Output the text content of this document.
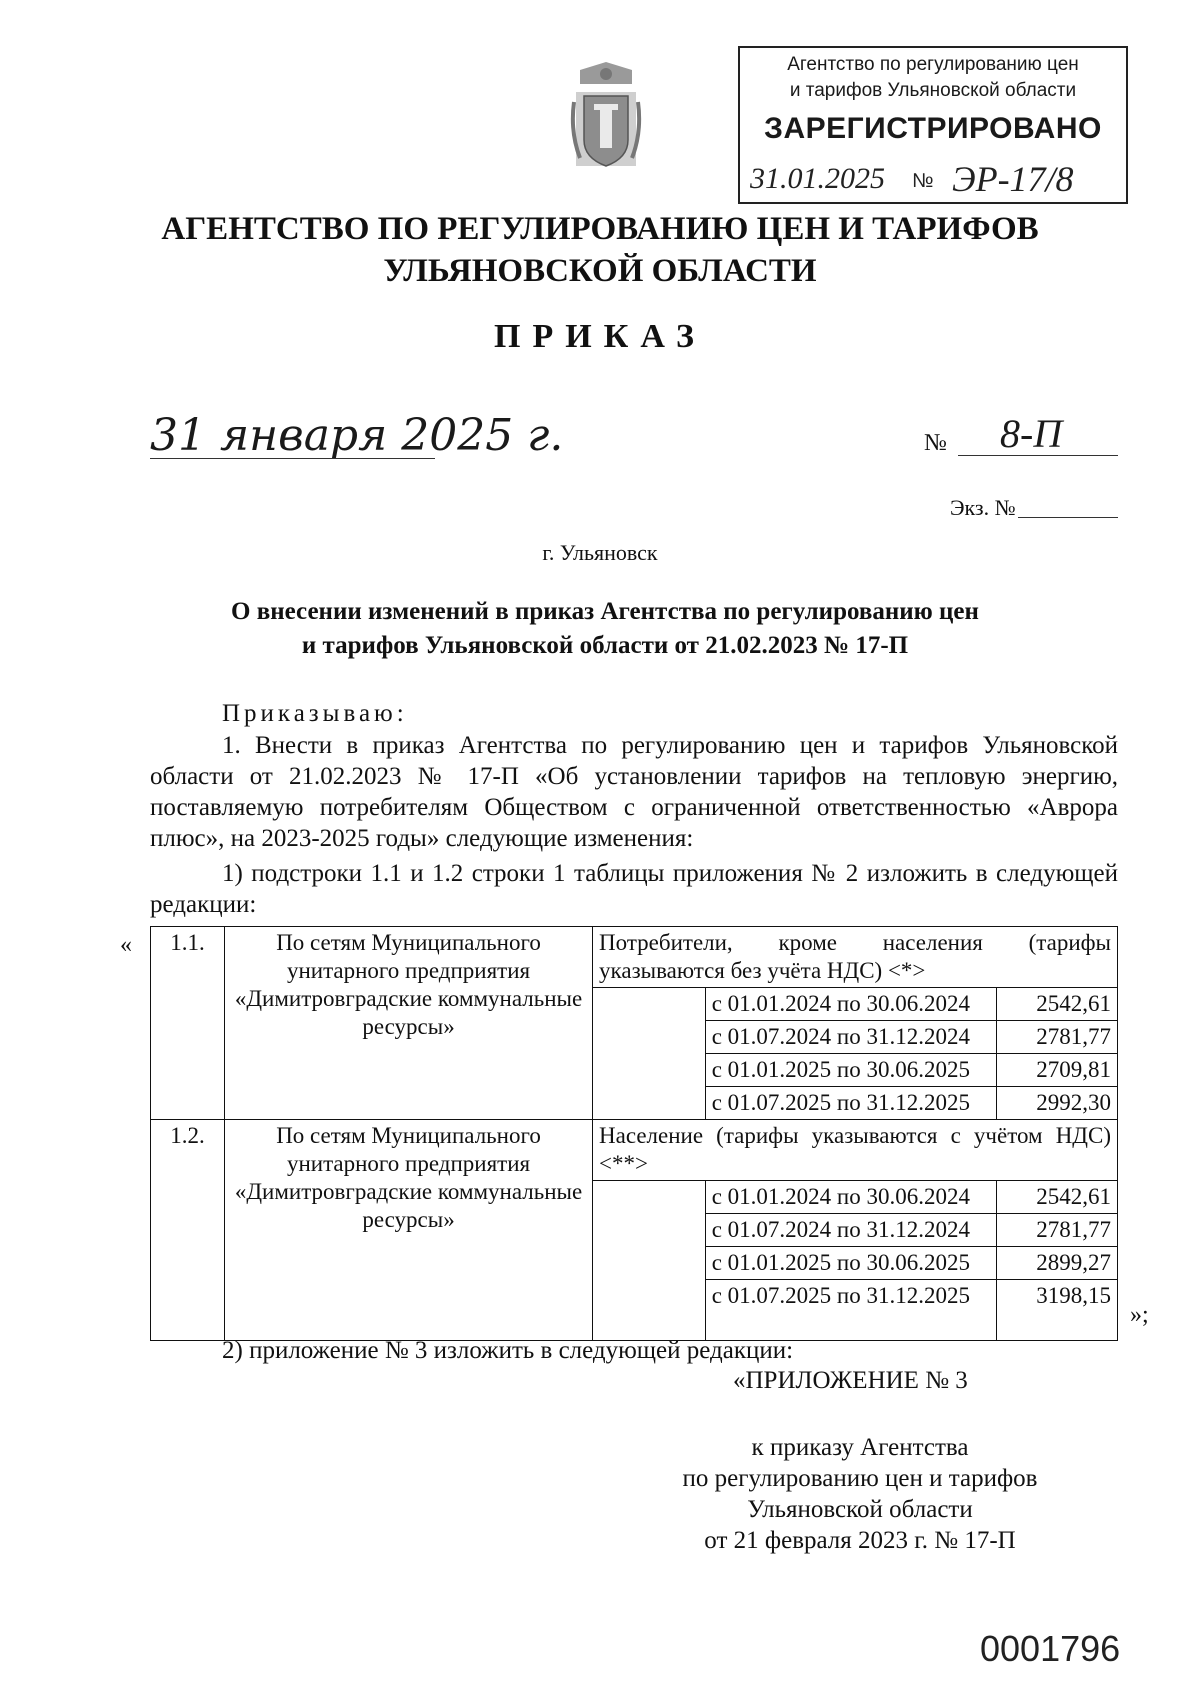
Агентство по регулированию цен
и тарифов Ульяновской области
ЗАРЕГИСТРИРОВАНО
31.01.2025 № ЭР-17/8
АГЕНТСТВО ПО РЕГУЛИРОВАНИЮ ЦЕН И ТАРИФОВ
УЛЬЯНОВСКОЙ ОБЛАСТИ
ПРИКАЗ
31 января 2025 г.	№ 8-П
Экз. №
г. Ульяновск
О внесении изменений в приказ Агентства по регулированию цен
и тарифов Ульяновской области от 21.02.2023 № 17-П
Приказываю:
1. Внести в приказ Агентства по регулированию цен и тарифов Ульяновской области от 21.02.2023 № 17-П «Об установлении тарифов на тепловую энергию, поставляемую потребителям Обществом с ограниченной ответственностью «Аврора плюс», на 2023-2025 годы» следующие изменения:
1) подстроки 1.1 и 1.2 строки 1 таблицы приложения № 2 изложить в следующей редакции:
« 1.1.	По сетям Муниципального унитарного предприятия «Димитровградские коммунальные ресурсы»	Потребители, кроме населения (тарифы указываются без учёта НДС) <*>		
			с 01.01.2024 по 30.06.2024	2542,61
			с 01.07.2024 по 31.12.2024	2781,77
			с 01.01.2025 по 30.06.2025	2709,81
			с 01.07.2025 по 31.12.2025	2992,30
1.2.	По сетям Муниципального унитарного предприятия «Димитровградские коммунальные ресурсы»	Население (тарифы указываются с учётом НДС)<**>		
			с 01.01.2024 по 30.06.2024	2542,61
			с 01.07.2024 по 31.12.2024	2781,77
			с 01.01.2025 по 30.06.2025	2899,27
			с 01.07.2025 по 31.12.2025	3198,15
»;
2) приложение № 3 изложить в следующей редакции:
«ПРИЛОЖЕНИЕ № 3
к приказу Агентства
по регулированию цен и тарифов
Ульяновской области
от 21 февраля 2023 г. № 17-П
0001796
